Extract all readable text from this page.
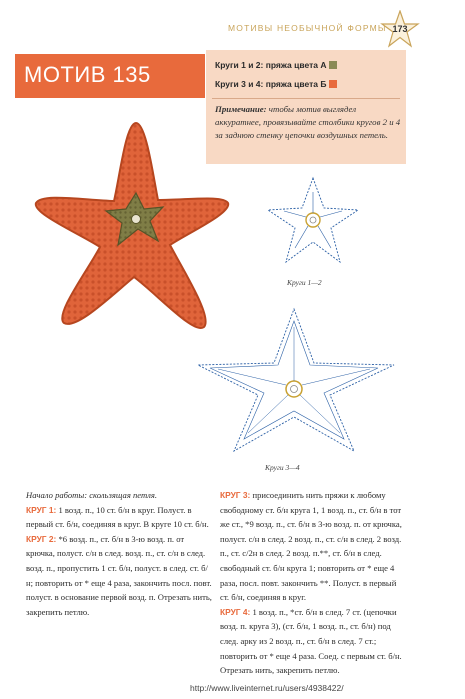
МОТИВЫ НЕОБЫЧНОЙ ФОРМЫ 173
МОТИВ 135	Круги 1 и 2: пряжа цвета А
Круги 3 и 4: пряжа цвета Б
Примечание: чтобы мотив выглядел аккуратнее, провязывайте столбики кругов 2 и 4 за заднюю стенку цепочки воздушных петель.
Круги 1—2
Круги 3—4

Начало работы: скользящая петля.

КРУГ 1: 1 возд. п., 10 ст. б/н в круг. Полуст. в первый ст. б/н, соединяя в круг. В круге 10 ст. б/н.

КРУГ 2: *6 возд. п., ст. б/н в 3-ю возд. п. от крючка, полуст. с/н в след. возд. п., ст. с/н в след. возд. п., пропустить 1 ст. б/н, полуст. в след. ст. б/н; повторить от * еще 4 раза, закончить посл. повт. полуст. в основание первой возд. п. Отрезать нить, закрепить петлю.

КРУГ 3: присоединить нить пряжи к любому свободному ст. б/н круга 1, 1 возд. п., ст. б/н в тот же ст., *9 возд. п., ст. б/н в 3-ю возд. п. от крючка, полуст. с/н в след. 2 возд. п., ст. с/н в след. 2 возд. п., ст. с/2н в след. 2 возд. п.**, ст. б/н в след. свободный ст. б/н круга 1; повторить от * еще 4 раза, посл. повт. закончить **. Полуст. в первый ст. б/н, соединяя в круг.

КРУГ 4: 1 возд. п., *ст. б/н в след. 7 ст. (цепочки возд. п. круга 3), (ст. б/н, 1 возд. п., ст. б/н) под след. арку из 2 возд. п., ст. б/н в след. 7 ст.; повторить от * еще 4 раза. Соед. с первым ст. б/н. Отрезать нить, закрепить петлю.

http://www.liveinternet.ru/users/4938422/
